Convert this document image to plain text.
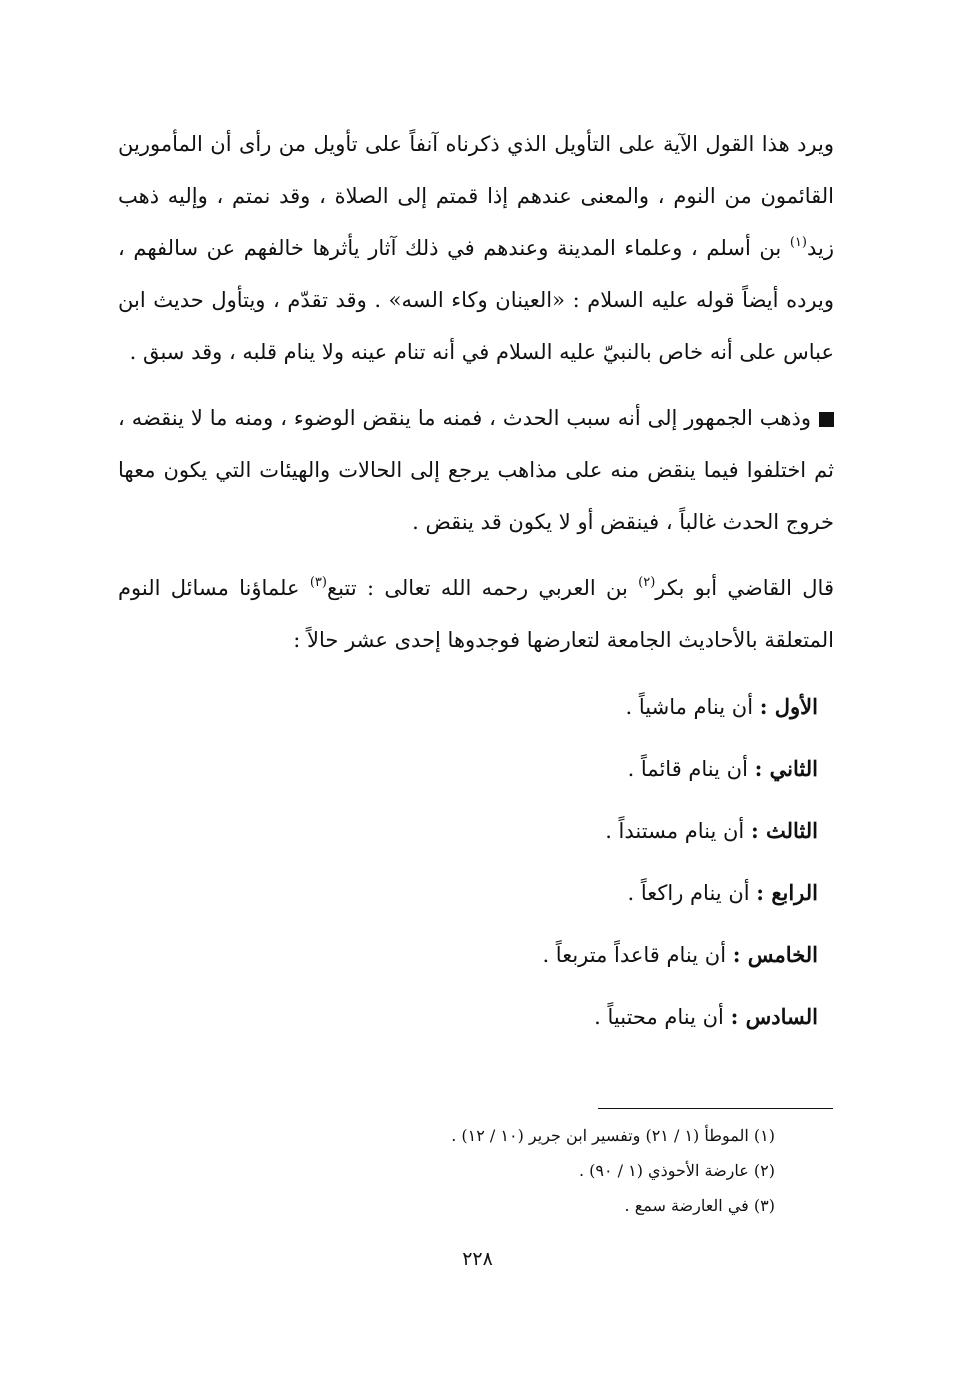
ويرد هذا القول الآية على التأويل الذي ذكرناه آنفاً على تأويل من رأى أن المأمورين القائمون من النوم ، والمعنى عندهم إذا قمتم إلى الصلاة ، وقد نمتم ، وإليه ذهب زيد$^{(١)}$ بن أسلم ، وعلماء المدينة وعندهم في ذلك آثار يأثرها خالفهم عن سالفهم ، ويرده أيضاً قوله عليه السلام : «العينان وكاء السه» . وقد تقدّم ، ويتأول حديث ابن عباس على أنه خاص بالنبيّ عليه السلام في أنه تنام عينه ولا ينام قلبه ، وقد سبق .

وذهب الجمهور إلى أنه سبب الحدث ، فمنه ما ينقض الوضوء ، ومنه ما لا ينقضه ، ثم اختلفوا فيما ينقض منه على مذاهب يرجع إلى الحالات والهيئات التي يكون معها خروج الحدث غالباً ، فينقض أو لا يكون قد ينقض .

قال القاضي أبو بكر$^{(٢)}$ بن العربي رحمه الله تعالى : تتبع$^{(٣)}$ علماؤنا مسائل النوم المتعلقة بالأحاديث الجامعة لتعارضها فوجدوها إحدى عشر حالاً :

الأول : أن ينام ماشياً .
الثاني : أن ينام قائماً .
الثالث : أن ينام مستنداً .
الرابع : أن ينام راكعاً .
الخامس : أن ينام قاعداً متربعاً .
السادس : أن ينام محتبياً .
(١) الموطأ (١ / ٢١) وتفسير ابن جرير (١٠ / ١٢) .
(٢) عارضة الأحوذي (١ / ٩٠) .
(٣) في العارضة سمع .
٢٢٨
